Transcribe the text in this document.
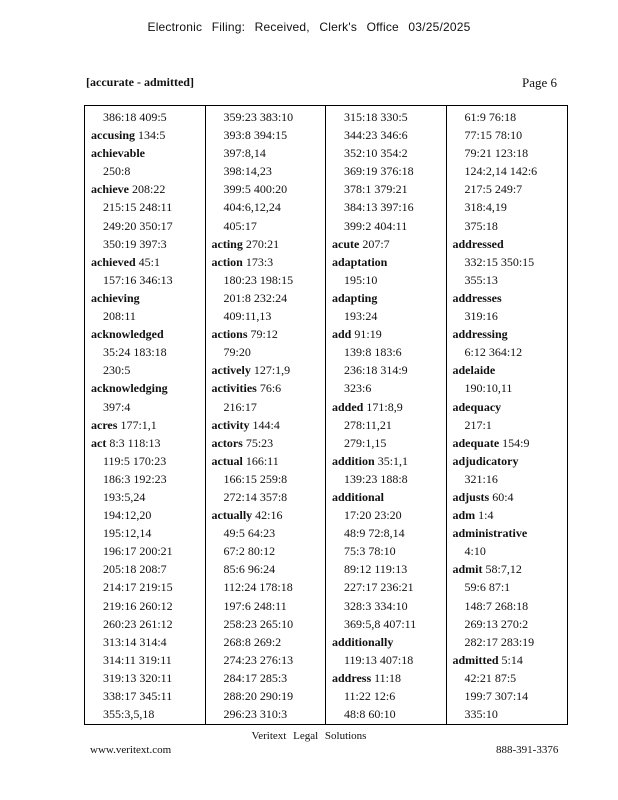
Electronic Filing: Received, Clerk's Office 03/25/2025
[accurate - admitted]	Page 6
386:18 409:5
accusing 134:5
achievable
250:8
achieve 208:22
215:15 248:11
249:20 350:17
350:19 397:3
achieved 45:1
157:16 346:13
achieving
208:11
acknowledged
35:24 183:18
230:5
acknowledging
397:4
acres 177:1,1
act 8:3 118:13
119:5 170:23
186:3 192:23
193:5,24
194:12,20
195:12,14
196:17 200:21
205:18 208:7
214:17 219:15
219:16 260:12
260:23 261:12
313:14 314:4
314:11 319:11
319:13 320:11
338:17 345:11
355:3,5,18
359:23 383:10
393:8 394:15
397:8,14
398:14,23
399:5 400:20
404:6,12,24
405:17
acting 270:21
action 173:3
180:23 198:15
201:8 232:24
409:11,13
actions 79:12
79:20
actively 127:1,9
activities 76:6
216:17
activity 144:4
actors 75:23
actual 166:11
166:15 259:8
272:14 357:8
actually 42:16
49:5 64:23
67:2 80:12
85:6 96:24
112:24 178:18
197:6 248:11
258:23 265:10
268:8 269:2
274:23 276:13
284:17 285:3
288:20 290:19
296:23 310:3
315:18 330:5
344:23 346:6
352:10 354:2
369:19 376:18
378:1 379:21
384:13 397:16
399:2 404:11
acute 207:7
adaptation
195:10
adapting
193:24
add 91:19
139:8 183:6
236:18 314:9
323:6
added 171:8,9
278:11,21
279:1,15
addition 35:1,1
139:23 188:8
additional
17:20 23:20
48:9 72:8,14
75:3 78:10
89:12 119:13
227:17 236:21
328:3 334:10
369:5,8 407:11
additionally
119:13 407:18
address 11:18
11:22 12:6
48:8 60:10
61:9 76:18
77:15 78:10
79:21 123:18
124:2,14 142:6
217:5 249:7
318:4,19
375:18
addressed
332:15 350:15
355:13
addresses
319:16
addressing
6:12 364:12
adelaide
190:10,11
adequacy
217:1
adequate 154:9
adjudicatory
321:16
adjusts 60:4
adm 1:4
administrative
4:10
admit 58:7,12
59:6 87:1
148:7 268:18
269:13 270:2
282:17 283:19
admitted 5:14
42:21 87:5
199:7 307:14
335:10
Veritext Legal Solutions
www.veritext.com	888-391-3376
